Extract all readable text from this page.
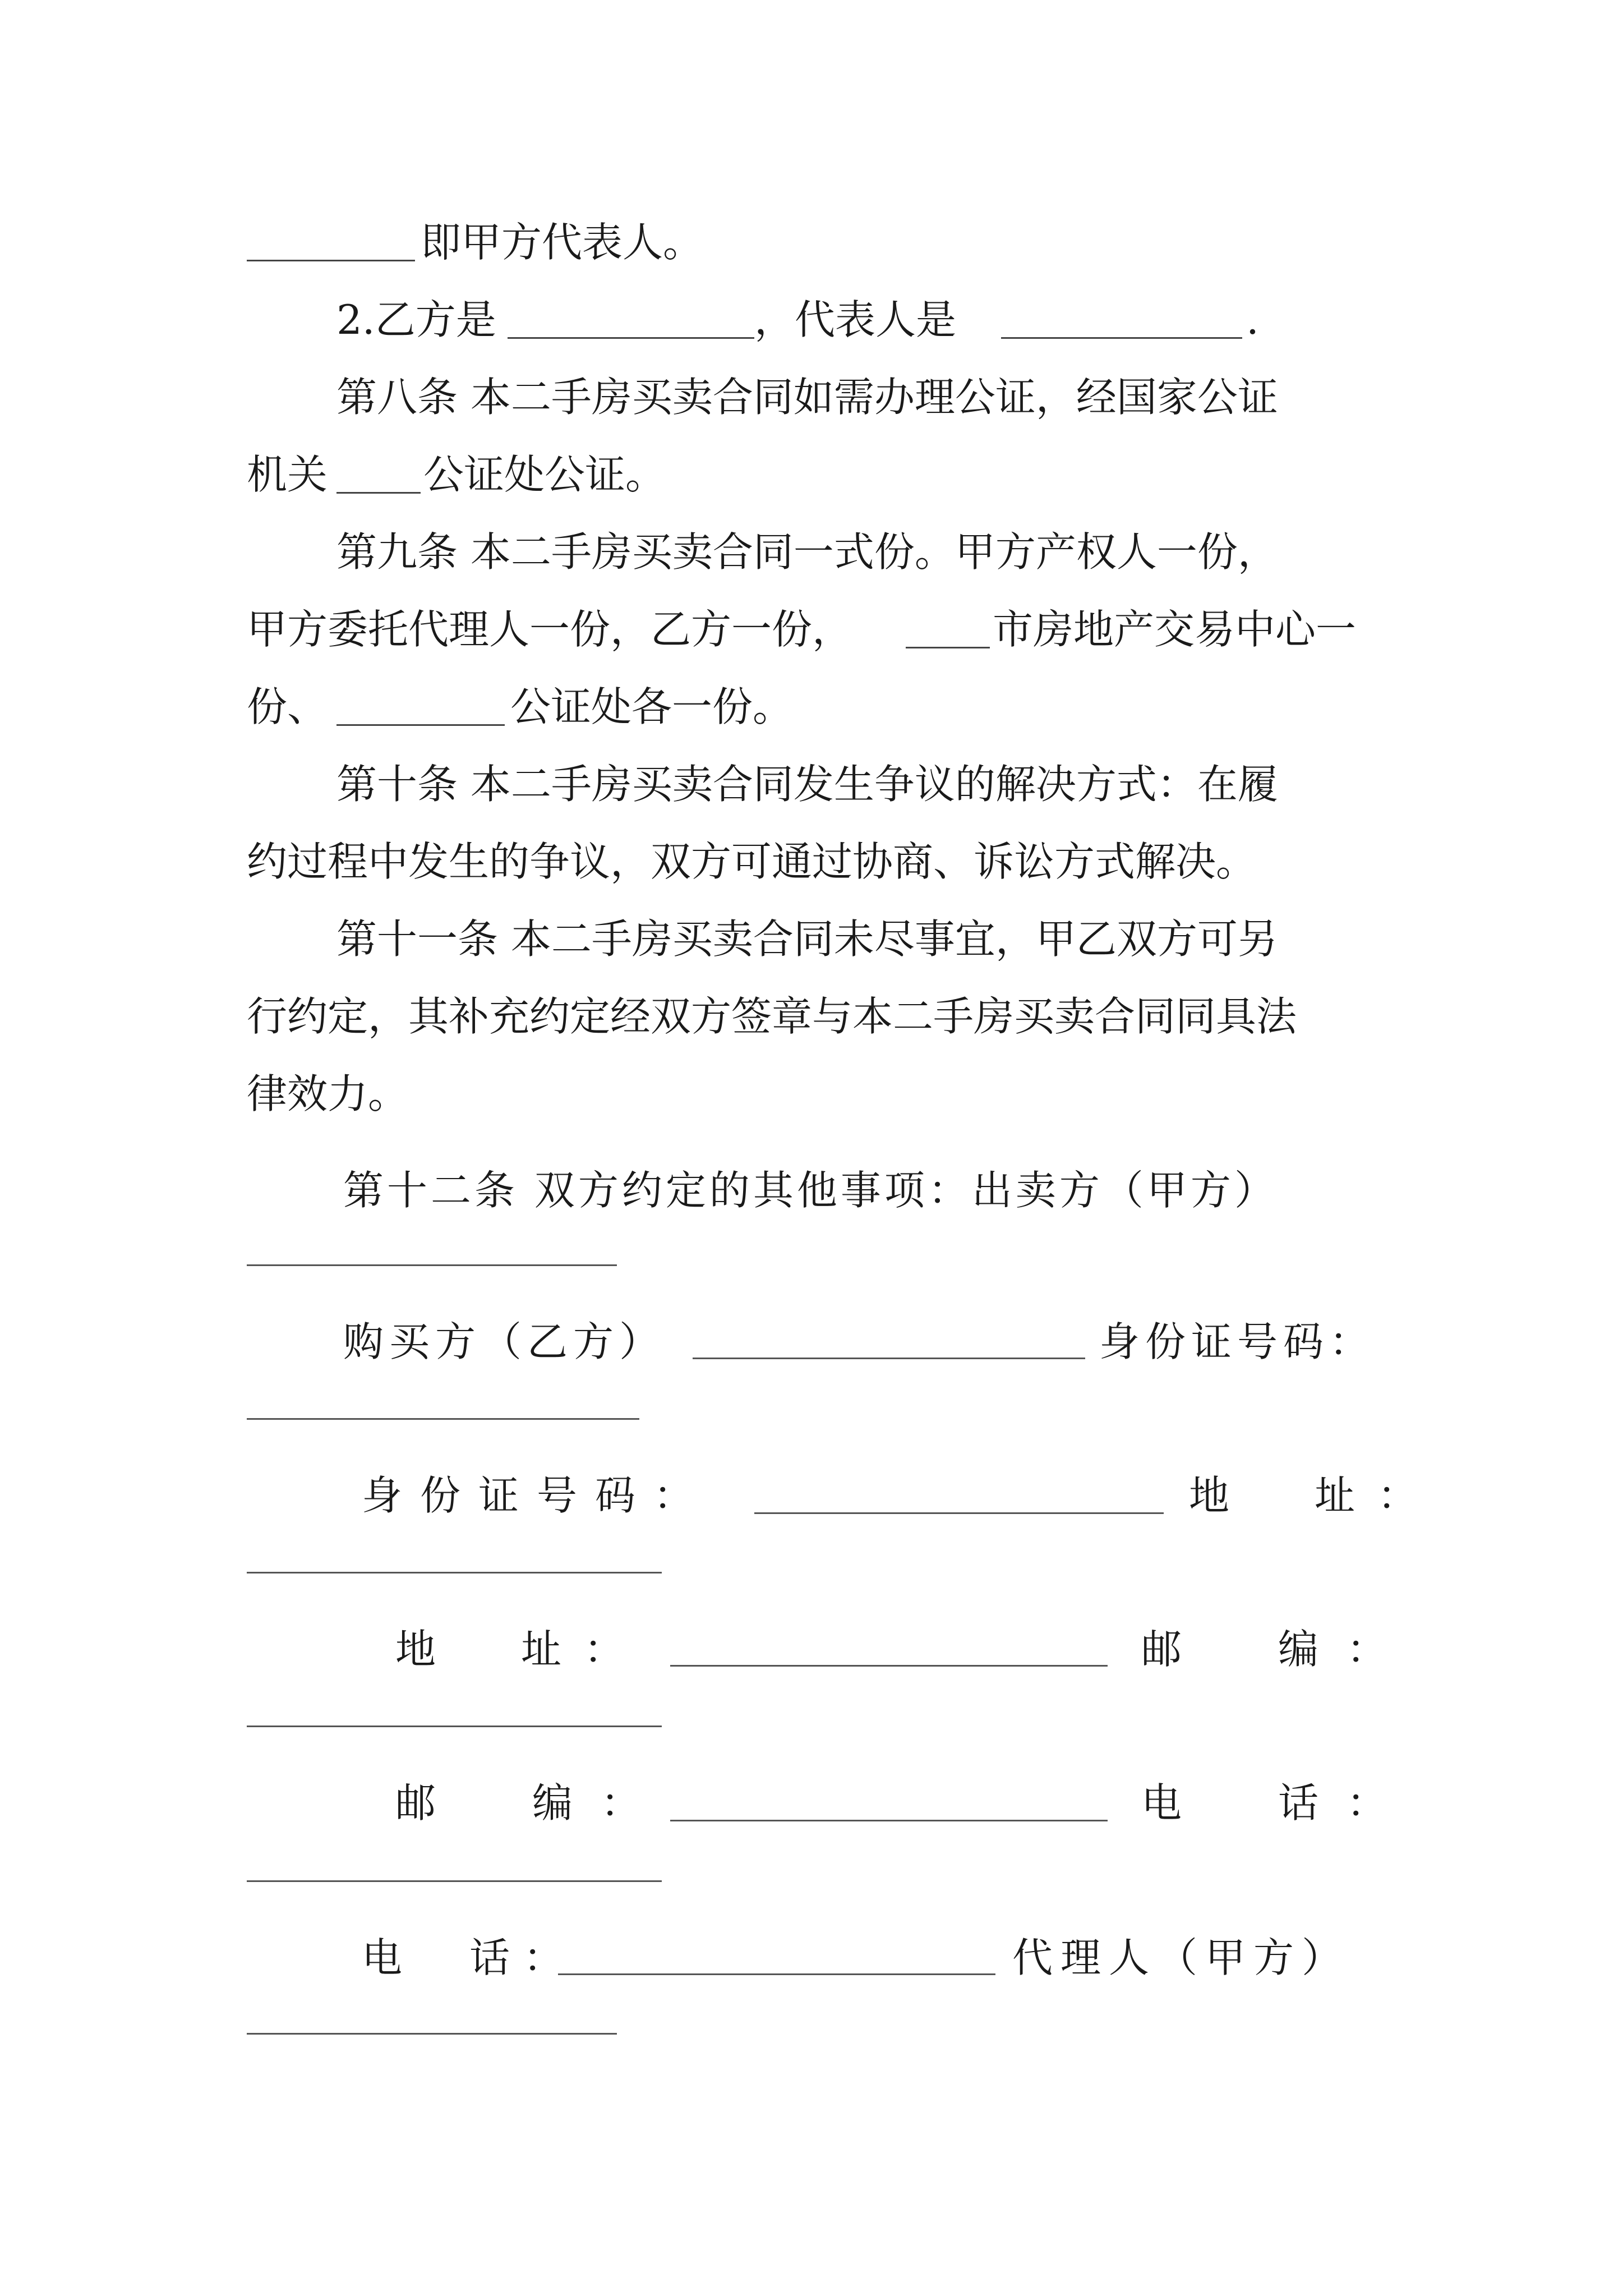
即甲方代表人。
2.乙方是	，代表人是	.
第八条 本二手房买卖合同如需办理公证，经国家公证
机关 公证处公证。
第九条 本二手房买卖合同一式份。甲方产权人一份，
甲方委托代理人一份，乙方一份，	市房地产交易中心一
份、	公证处各一份。
第十条 本二手房买卖合同发生争议的解决方式：在履
约过程中发生的争议，双方可通过协商、诉讼方式解决。
第十一条 本二手房买卖合同未尽事宜，甲乙双方可另
行约定，其补充约定经双方签章与本二手房买卖合同同具法
律效力。
第十二条 双方约定的其他事项：出卖方（甲方）
购买方（乙方）	身份证号码：
身份证号码：	地　址：
地　址：	邮　编：
邮　编：	电　话：
电　话：	代理人（甲方）
